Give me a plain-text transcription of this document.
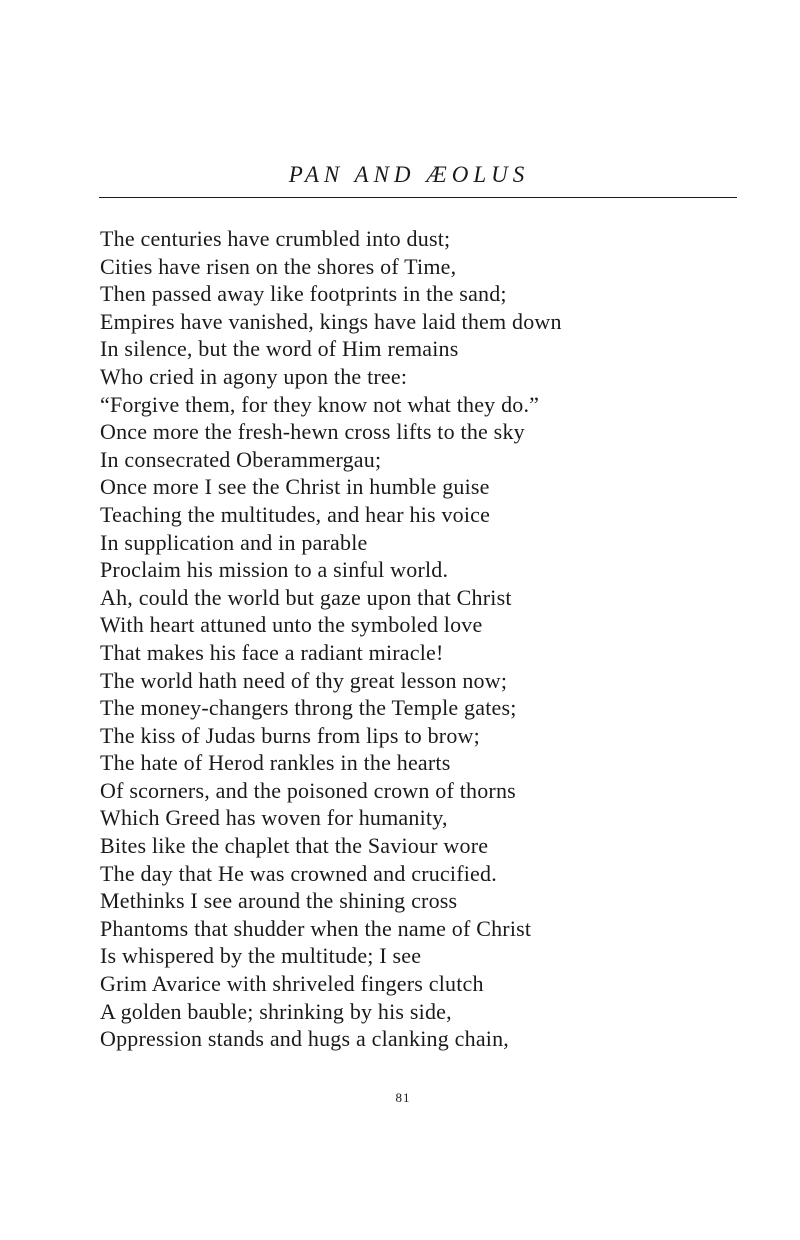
PAN AND ÆOLUS
The centuries have crumbled into dust;
Cities have risen on the shores of Time,
Then passed away like footprints in the sand;
Empires have vanished, kings have laid them down
In silence, but the word of Him remains
Who cried in agony upon the tree:
“Forgive them, for they know not what they do.”
Once more the fresh-hewn cross lifts to the sky
In consecrated Oberammergau;
Once more I see the Christ in humble guise
Teaching the multitudes, and hear his voice
In supplication and in parable
Proclaim his mission to a sinful world.
Ah, could the world but gaze upon that Christ
With heart attuned unto the symboled love
That makes his face a radiant miracle!
The world hath need of thy great lesson now;
The money-changers throng the Temple gates;
The kiss of Judas burns from lips to brow;
The hate of Herod rankles in the hearts
Of scorners, and the poisoned crown of thorns
Which Greed has woven for humanity,
Bites like the chaplet that the Saviour wore
The day that He was crowned and crucified.
Methinks I see around the shining cross
Phantoms that shudder when the name of Christ
Is whispered by the multitude; I see
Grim Avarice with shriveled fingers clutch
A golden bauble; shrinking by his side,
Oppression stands and hugs a clanking chain,
81
